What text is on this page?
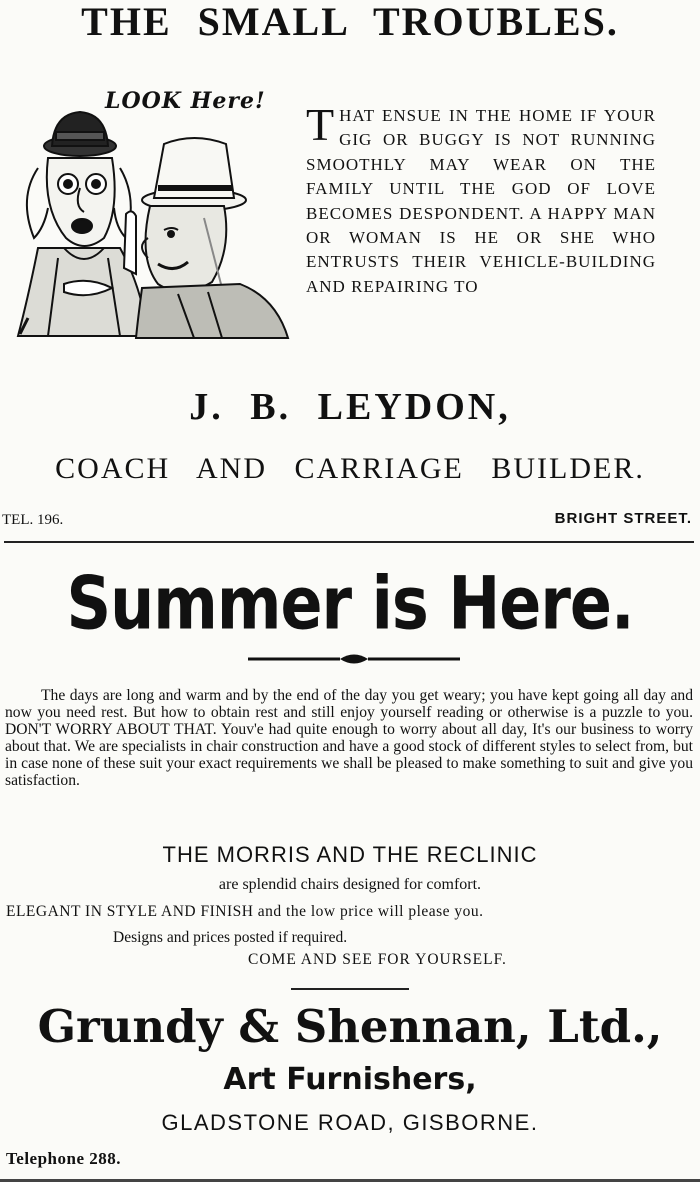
THE SMALL TROUBLES.
LOOK Here! THAT ENSUE IN THE HOME IF YOUR GIG OR BUGGY IS NOT RUNNING SMOOTHLY MAY WEAR ON THE FAMILY UNTIL THE GOD OF LOVE BECOMES DESPONDENT. A HAPPY MAN OR WOMAN IS HE OR SHE WHO ENTRUSTS THEIR VEHICLE-BUILDING AND REPAIRING TO
J. B. LEYDON,
COACH AND CARRIAGE BUILDER.
TEL. 196.	BRIGHT STREET.
Summer is Here.
The days are long and warm and by the end of the day you get weary; you have kept going all day and now you need rest. But how to obtain rest and still enjoy yourself reading or otherwise is a puzzle to you. DON'T WORRY ABOUT THAT. Youv'e had quite enough to worry about all day, It's our business to worry about that. We are specialists in chair construction and have a good stock of different styles to select from, but in case none of these suit your exact requirements we shall be pleased to make something to suit and give you satisfaction.
THE MORRIS AND THE RECLINIC
are splendid chairs designed for comfort.
ELEGANT IN STYLE AND FINISH and the low price will please you.
Designs and prices posted if required.
COME AND SEE FOR YOURSELF.
Grundy & Shennan, Ltd.,
Art Furnishers,
GLADSTONE ROAD, GISBORNE.
Telephone 288.
